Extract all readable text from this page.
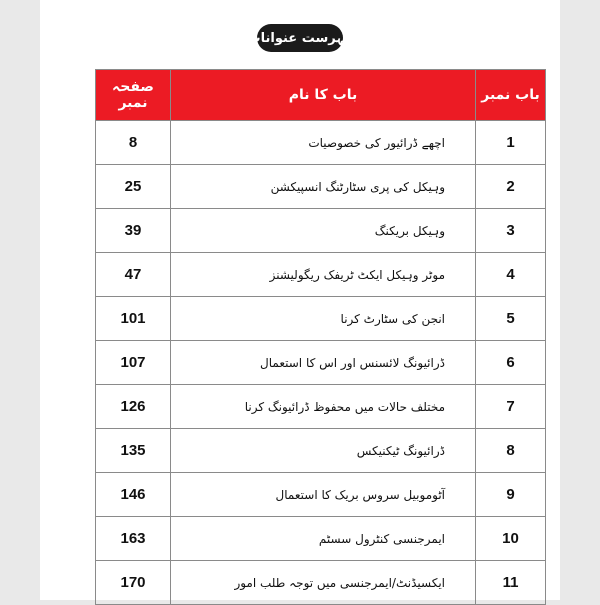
فہرست عنوانات
صفحہ نمبر	باب کا نام	باب نمبر
8	اچھے ڈرائیور کی خصوصیات	1
25	وہیکل کی پری سٹارٹنگ انسپیکشن	2
39	وہیکل بریکنگ	3
47	موٹر وہیکل ایکٹ ٹریفک ریگولیشنز	4
101	انجن کی سٹارٹ کرنا	5
107	ڈرائیونگ لائسنس اور اس کا استعمال	6
126	مختلف حالات میں محفوظ ڈرائیونگ کرنا	7
135	ڈرائیونگ ٹیکنیکس	8
146	آٹوموبیل سروس بریک کا استعمال	9
163	ایمرجنسی کنٹرول سسٹم	10
170	ایکسیڈنٹ/ایمرجنسی میں توجہ طلب امور	11
